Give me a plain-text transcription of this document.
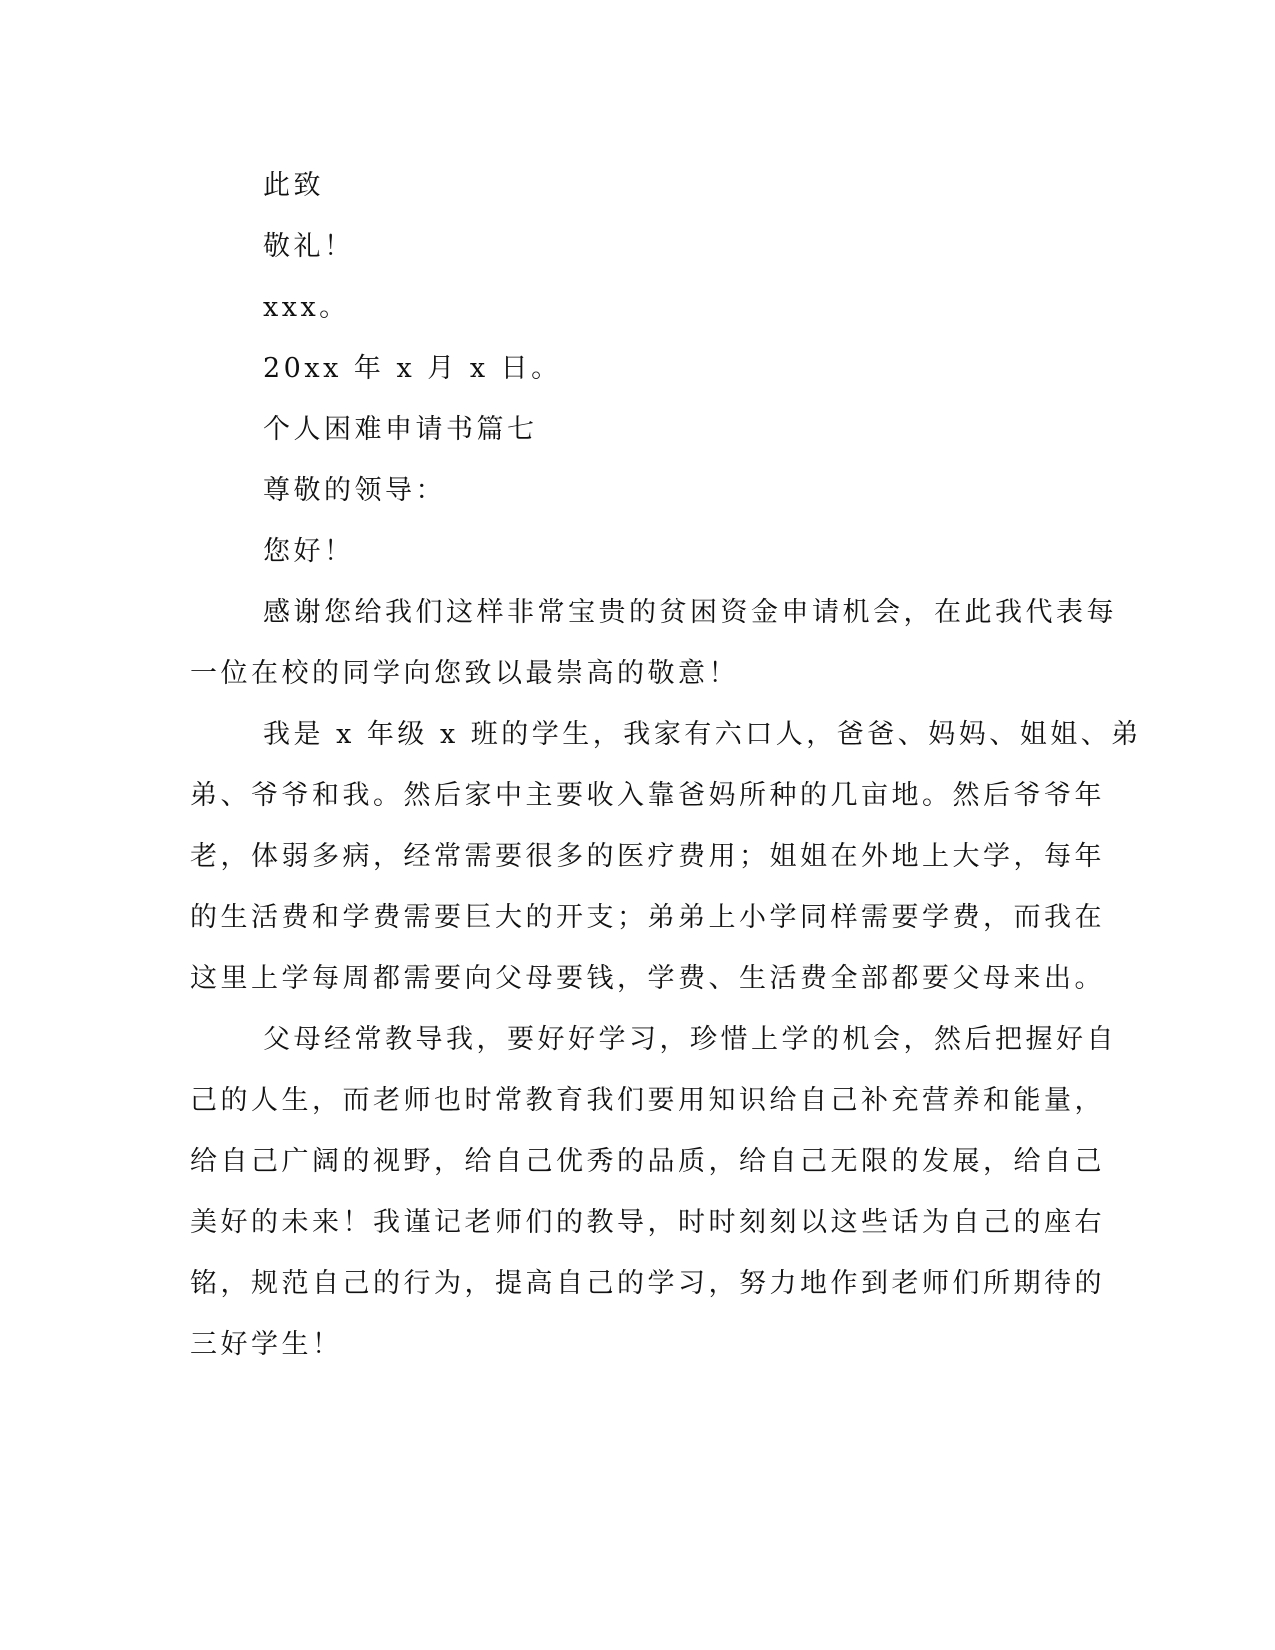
此致

敬礼！

xxx。

20xx 年 x 月 x 日。

个人困难申请书篇七

尊敬的领导：

您好！

感谢您给我们这样非常宝贵的贫困资金申请机会，在此我代表每

一位在校的同学向您致以最崇高的敬意！

我是 x 年级 x 班的学生，我家有六口人，爸爸、妈妈、姐姐、弟

弟、爷爷和我。然后家中主要收入靠爸妈所种的几亩地。然后爷爷年

老，体弱多病，经常需要很多的医疗费用；姐姐在外地上大学，每年

的生活费和学费需要巨大的开支；弟弟上小学同样需要学费，而我在

这里上学每周都需要向父母要钱，学费、生活费全部都要父母来出。

父母经常教导我，要好好学习，珍惜上学的机会，然后把握好自

己的人生，而老师也时常教育我们要用知识给自己补充营养和能量，

给自己广阔的视野，给自己优秀的品质，给自己无限的发展，给自己

美好的未来！我谨记老师们的教导，时时刻刻以这些话为自己的座右

铭，规范自己的行为，提高自己的学习，努力地作到老师们所期待的

三好学生！
